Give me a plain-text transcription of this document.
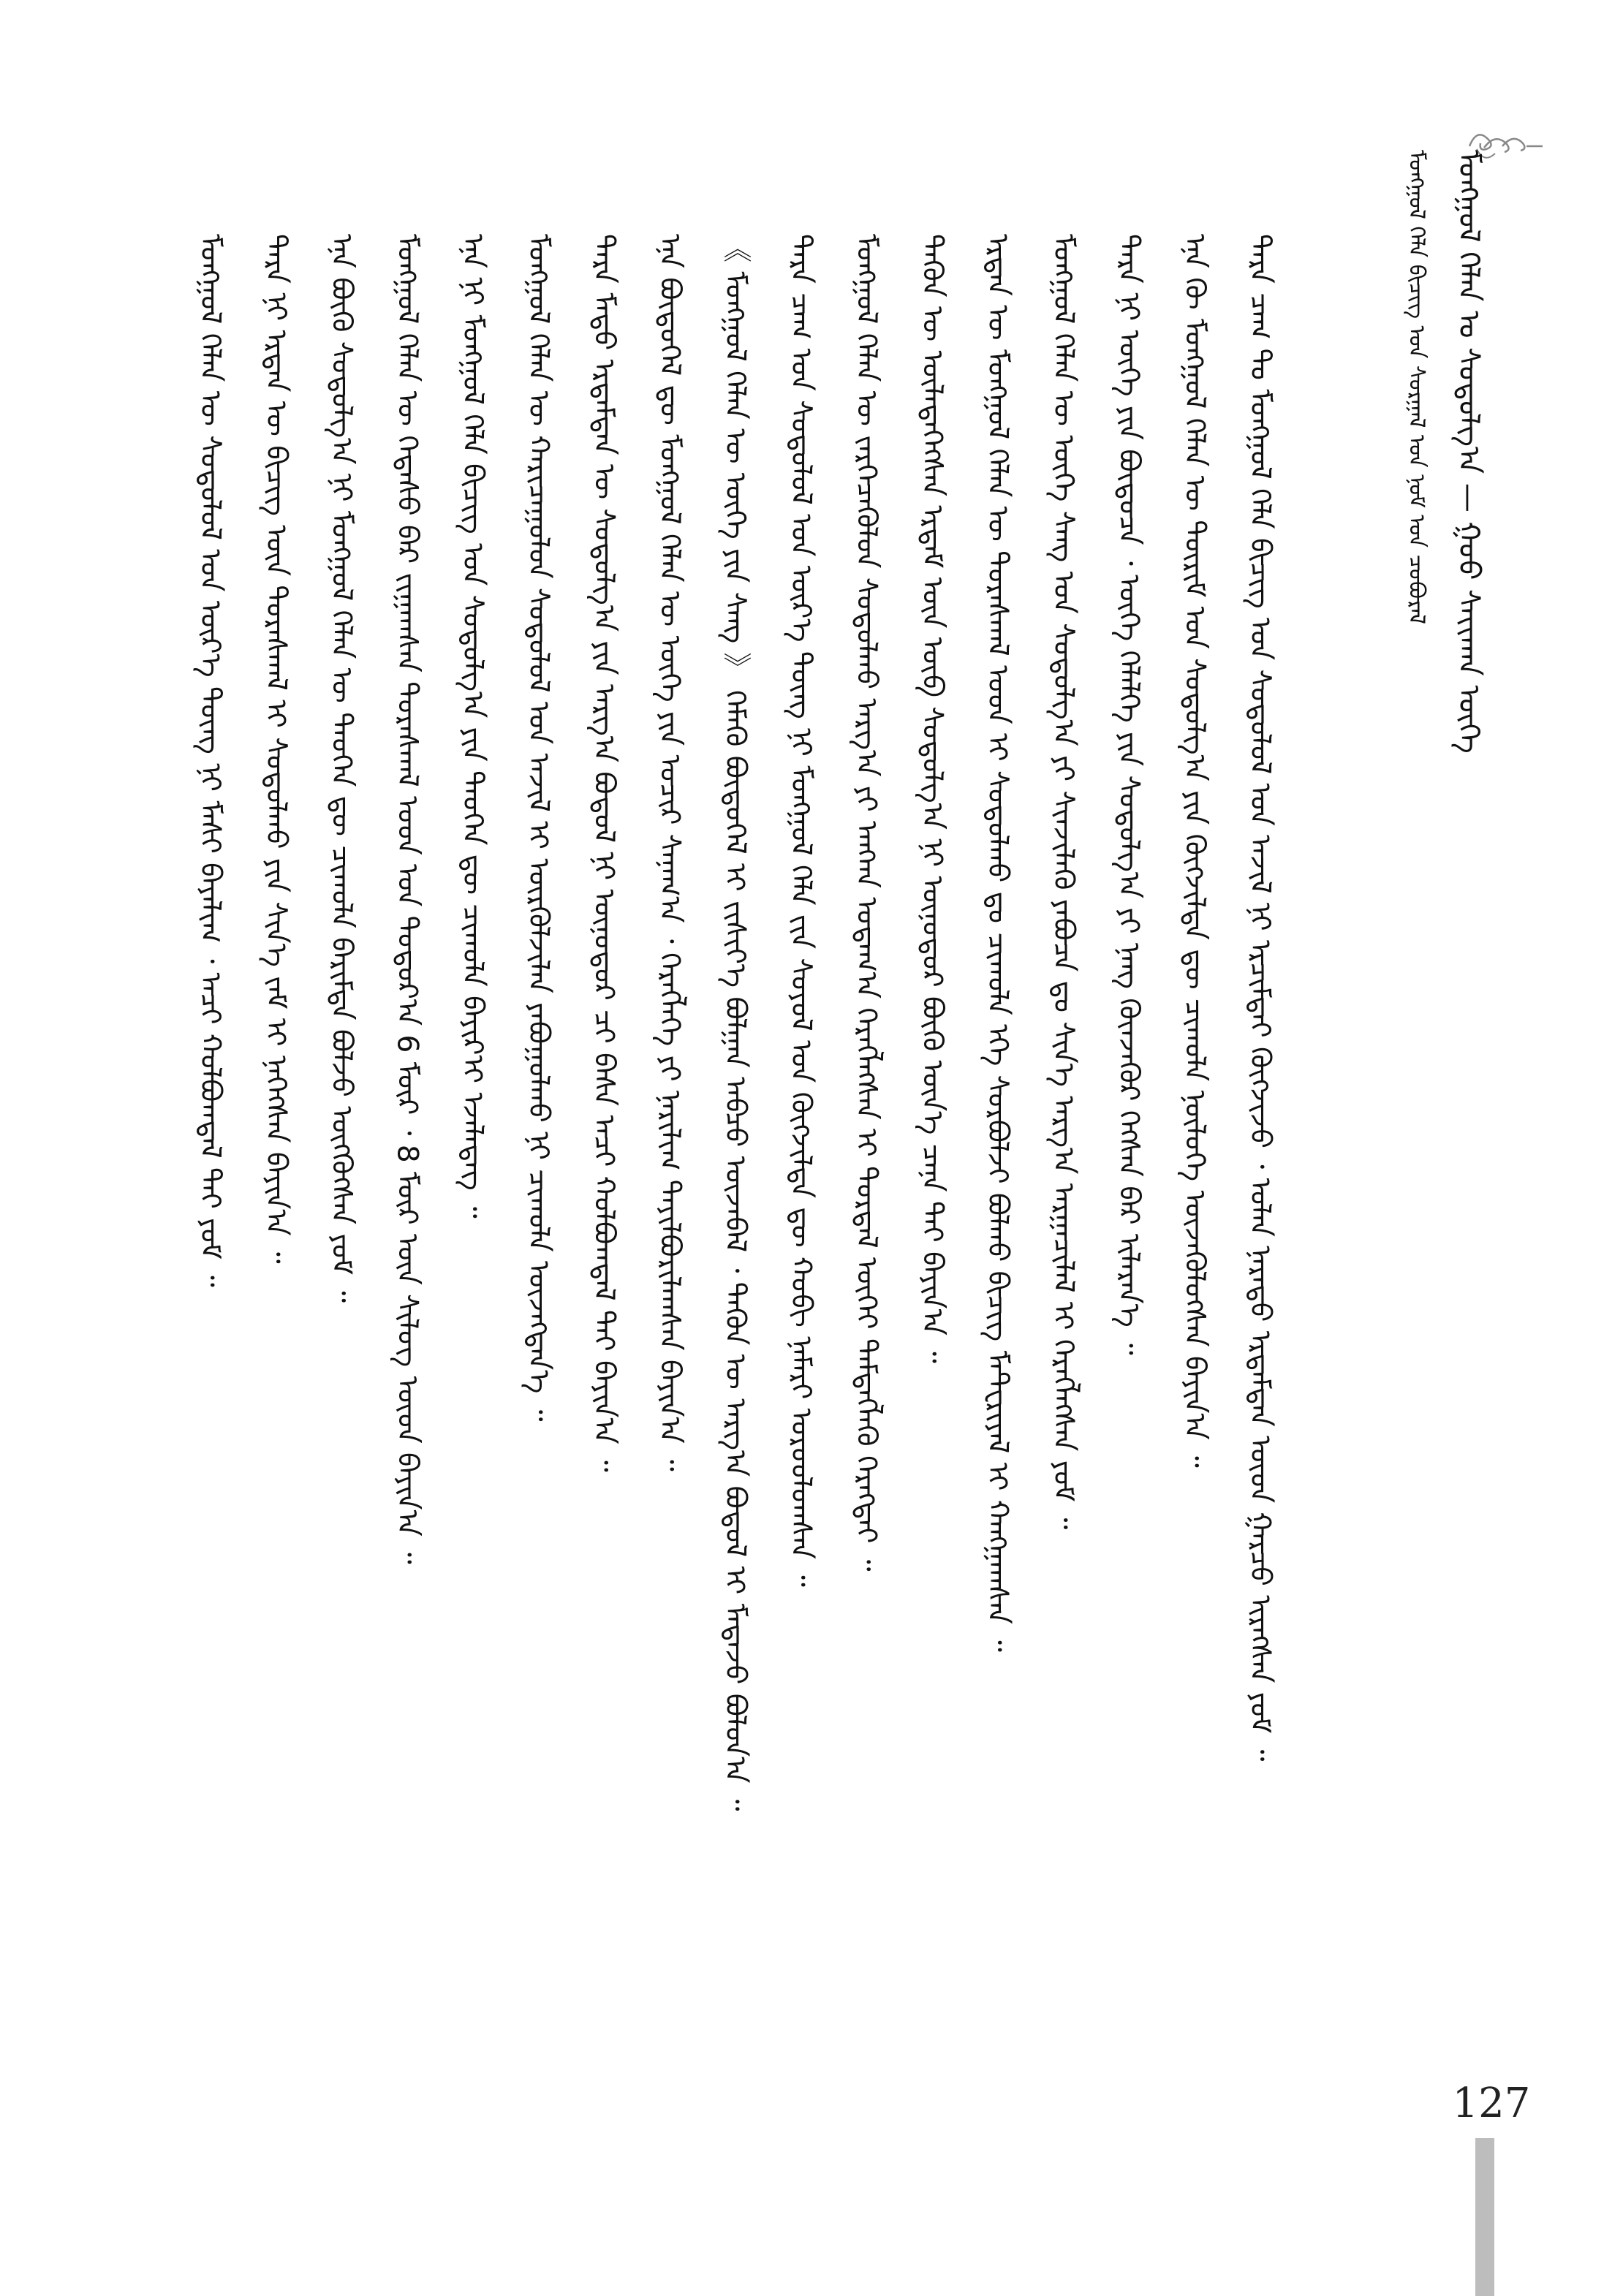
ᠮᠣᠩᠭᠣᠯ ᠬᠡᠯᠡᠨ ᠤ ᠰᠤᠳᠤᠯᠭ᠎ᠠ — ᠭᠣᠣ ᠰᠠᠶ᠋ᠢᠬᠠᠨ ᠦᠭᠡ
ᠮᠣᠩᠭᠣᠯ ᠬᠡᠯᠡ ᠪᠢᠴᠢᠭ ᠤᠨ ᠰᠤᠷᠭᠠᠯ ᠤᠨ ᠨᠣᠮ ᠤᠨ ᠴᠤᠪᠤᠷᠠᠯ
ᠲᠡᠷᠡ ᠴᠠᠭ ᠲᠤ ᠮᠣᠩᠭᠣᠯ ᠬᠡᠯᠡ ᠪᠢᠴᠢᠭ ᠤᠨ ᠰᠤᠳᠤᠯᠤᠯ ᠤᠨ ᠠᠵᠢᠯ ᠨᠢ ᠡᠷᠴᠢᠮᠲᠡᠢ ᠬᠥᠭᠵᠢᠵᠦ ᠂ ᠣᠯᠠᠨ ᠨᠡᠷᠡᠲᠦ ᠡᠷᠳᠡᠮᠲᠡᠨ ᠦᠳ ᠭᠠᠷᠴᠤ ᠢᠷᠡᠭᠰᠡᠨ ᠶᠤᠮ ᠃
ᠡᠨᠡ ᠬᠦ ᠮᠣᠩᠭᠣᠯ ᠬᠡᠯᠡᠨ ᠦ ᠳᠦᠷᠢᠮ ᠤᠨ ᠰᠤᠳᠤᠯᠭ᠎ᠠ ᠶᠢᠨ ᠬᠥᠭᠵᠢᠯᠲᠡ ᠳᠦ ᠴᠢᠬᠤᠯᠠ ᠨᠥᠯᠦᠭᠡ ᠦᠵᠡᠭᠦᠯᠦᠭᠰᠡᠨ ᠪᠠᠶᠢᠨ᠎ᠠ ᠃
ᠲᠡᠷᠡ ᠨᠢ ᠦᠭᠡ ᠶᠢᠨ ᠪᠦᠲᠦᠴᠡ ᠂ ᠦᠭᠡ ᠬᠡᠯᠡᠯᠭᠡ ᠶᠢᠨ ᠰᠤᠳᠤᠯᠭ᠎ᠠ ᠶᠢ ᠨᠡᠩ ᠭᠦᠨᠵᠡᠭᠦᠷ ᠬᠡᠭᠰᠡᠨ ᠪᠡᠷ ᠢᠯᠡᠷᠡᠨ᠎ᠡ ᠃
ᠮᠣᠩᠭᠣᠯ ᠬᠡᠯᠡᠨ ᠦ ᠦᠭᠡ ᠰᠠᠩ ᠤᠨ ᠰᠤᠳᠤᠯᠭ᠎ᠠ ᠶᠢ ᠰᠢᠨᠵᠢᠯᠡᠬᠦ ᠶᠠᠪᠤᠴᠠ ᠳᠤ ᠰᠢᠨ᠎ᠡ ᠠᠷᠭ᠎ᠠ ᠠᠷᠭᠠᠴᠢᠯᠠᠯ ᠢ ᠬᠡᠷᠡᠭᠯᠡᠭᠰᠡᠨ ᠶᠤᠮ ᠃
ᠡᠷᠲᠡᠨ ᠦ ᠮᠣᠩᠭᠣᠯ ᠬᠡᠯᠡᠨ ᠦ ᠳᠤᠷᠠᠰᠬᠠᠯ ᠤᠳ ᠢ ᠰᠤᠳᠤᠯᠬᠤ ᠳᠤ ᠴᠢᠬᠤᠯᠠ ᠡᠬᠡ ᠰᠤᠷᠪᠤᠯᠵᠢ ᠪᠣᠯᠬᠤ ᠪᠢᠴᠢᠭ ᠮᠠᠲ᠋ᠧᠷᠢᠶᠠᠯ ᠢ ᠬᠠᠩᠭᠠᠭᠰᠠᠨ ᠃
ᠲᠡᠭᠦᠨ ᠦ ᠦᠯᠡᠳᠡᠭᠡᠭᠰᠡᠨ ᠡᠷᠳᠡᠮ ᠦᠨ ᠥᠪ ᠰᠤᠳᠤᠯᠭ᠎ᠠ ᠨᠢ ᠥᠨᠥᠳᠦᠷ ᠪᠦᠬᠦ ᠦᠨ᠎ᠡ ᠴᠡᠨᠡ ᠲᠡᠢ ᠪᠠᠶᠢᠨ᠎ᠠ ᠃
ᠮᠣᠩᠭᠣᠯ ᠬᠡᠯᠡᠨ ᠦ ᠵᠡᠷᠭᠡᠴᠡᠭᠦᠯᠦᠨ ᠰᠤᠳᠤᠯᠬᠤ ᠠᠷᠭ᠎ᠠ ᠶᠢ ᠠᠩᠬᠠ ᠤᠳᠠᠭ᠎ᠠ ᠬᠡᠷᠡᠭᠯᠡᠭᠰᠡᠨ ᠢ ᠳᠤᠷᠳᠠᠯ ᠦᠬᠡᠢ ᠲᠡᠮᠳᠡᠭᠯᠡᠬᠦ ᠬᠡᠷᠡᠭᠲᠡᠢ ᠃
ᠲᠡᠷᠡ ᠴᠠᠭ ᠤᠨ ᠰᠤᠳᠤᠯᠤᠯ ᠤᠨ ᠦᠷ᠎ᠡ ᠳᠦᠩ ᠨᠢ ᠮᠣᠩᠭᠣᠯ ᠬᠡᠯᠡ ᠵᠢᠨ ᠰᠣᠶᠣᠯ ᠤᠨ ᠬᠥᠭᠵᠢᠯᠲᠡ ᠳᠦ ᠬᠤᠪᠢ ᠨᠡᠮᠡᠷᠢ ᠣᠷᠤᠤᠯᠤᠭᠰᠠᠨ ᠃
《 ᠮᠣᠩᠭᠣᠯ ᠬᠡᠯᠡᠨ ᠦ ᠦᠭᠡ ᠶᠢᠨ ᠰᠠᠩ 》 ᠬᠡᠮᠡᠬᠦ ᠪᠦᠲᠦᠭᠡᠯ ᠢ ᠵᠢᠱᠢᠶ᠎ᠡ ᠪᠣᠯᠭᠠᠨ ᠠᠪᠴᠤ ᠦᠵᠡᠪᠡᠯ ᠂ ᠲᠡᠭᠦᠨ ᠦ ᠠᠷᠭ᠎ᠠ ᠪᠣᠳᠤᠯ ᠢ ᠮᠡᠳᠡᠵᠦ ᠪᠣᠯᠤᠨ᠎ᠠ ᠃
ᠡᠨᠡ ᠪᠦᠲᠦᠭᠡᠯ ᠳᠦ ᠮᠣᠩᠭᠣᠯ ᠬᠡᠯᠡᠨ ᠦ ᠦᠭᠡ ᠶᠢᠨ ᠤᠴᠢᠷ ᠰᠠᠨᠠᠭ᠎ᠠ ᠂ ᠬᠡᠷᠡᠭᠯᠡᠭᠡ ᠶᠢ ᠨᠠᠷᠢᠯᠢᠭ ᠲᠠᠶᠢᠯᠪᠤᠷᠢᠯᠠᠭᠰᠠᠨ ᠪᠠᠶᠢᠨ᠎ᠠ ᠃
ᠲᠡᠷᠡ ᠮᠡᠲᠦ ᠡᠷᠳᠡᠮᠲᠡᠨ ᠦ ᠰᠤᠳᠤᠯᠭ᠎ᠠ ᠶᠢᠨ ᠠᠷᠭ᠎ᠠ ᠪᠣᠳᠤᠯ ᠨᠢ ᠥᠨᠥᠳᠦᠷ ᠴᠢ ᠪᠠᠰᠠ ᠠᠴᠢ ᠬᠣᠯᠪᠣᠭᠳᠠᠯ ᠲᠠᠢ ᠪᠠᠶᠢᠨ᠎ᠠ ᠃
ᠮᠣᠩᠭᠣᠯ ᠬᠡᠯᠡᠨ ᠦ ᠬᠠᠷᠢᠴᠠᠭᠤᠯᠤᠨ ᠰᠤᠳᠤᠯᠤᠯ ᠤᠨ ᠠᠵᠢᠯ ᠢ ᠦᠷᠭᠦᠯᠵᠢᠯᠡᠨ ᠶᠠᠪᠤᠭᠤᠯᠬᠤ ᠨᠢ ᠴᠢᠬᠤᠯᠠ ᠦᠵᠡᠭᠳᠡᠨ᠎ᠡ ᠃
ᠡᠨᠡ ᠨᠢ ᠮᠣᠩᠭᠣᠯ ᠬᠡᠯᠡ ᠪᠢᠴᠢᠭ ᠤᠨ ᠰᠤᠳᠤᠯᠭ᠎ᠠ ᠶᠢᠨ ᠲᠡᠦᠬᠡᠨ ᠳᠦ ᠴᠢᠬᠤᠯᠠ ᠪᠠᠶᠢᠷ᠎ᠢ ᠡᠵᠡᠯᠡᠳᠡᠭ ᠃
ᠮᠣᠩᠭᠣᠯ ᠬᠡᠯᠡᠨ ᠦ ᠭᠡᠳᠡᠰᠦ ᠪᠡᠷ ᠵᠢᠭᠠᠭᠰᠠᠨ ᠳᠤᠷᠠᠰᠬᠠᠯ ᠤᠳ ᠤᠨ ᠳᠣᠲᠤᠷ᠎ᠠ 6 ᠮᠥᠷ ᠂ 8 ᠮᠥᠷ ᠦᠨ ᠰᠢᠯᠦᠭ ᠦᠳ ᠪᠠᠶᠢᠨ᠎ᠠ ᠃
ᠡᠨᠡ ᠪᠦᠬᠦ ᠰᠤᠳᠤᠯᠭ᠎ᠠ ᠨᠢ ᠮᠣᠩᠭᠣᠯ ᠬᠡᠯᠡᠨ ᠦ ᠲᠡᠦᠬᠡᠨ ᠳᠦ ᠴᠢᠬᠤᠯᠠ ᠪᠠᠷᠢᠮᠲᠠ ᠪᠣᠯᠵᠤ ᠥᠭᠭᠦᠭᠰᠡᠨ ᠶᠤᠮ ᠃
ᠲᠡᠷᠡ ᠨᠢ ᠡᠷᠲᠡᠨ ᠦ ᠪᠢᠴᠢᠭ ᠦᠨ ᠳᠤᠷᠠᠰᠬᠠᠯ ᠢ ᠰᠤᠳᠤᠯᠬᠤ ᠶᠢᠨ ᠰᠢᠨ᠎ᠡ ᠵᠠᠮ ᠢ ᠨᠡᠭᠡᠭᠰᠡᠨ ᠪᠠᠶᠢᠨ᠎ᠠ ᠃
ᠮᠣᠩᠭᠣᠯ ᠬᠡᠯᠡᠨ ᠦ ᠰᠤᠳᠤᠯᠤᠯ ᠤᠨ ᠦᠷ᠎ᠡ ᠳᠦᠩ ᠨᠢ ᠮᠠᠰᠢ ᠪᠠᠶᠠᠯᠢᠭ ᠂ ᠠᠴᠢ ᠬᠣᠯᠪᠣᠭᠳᠠᠯ ᠲᠠᠢ ᠶᠤᠮ ᠃
127
